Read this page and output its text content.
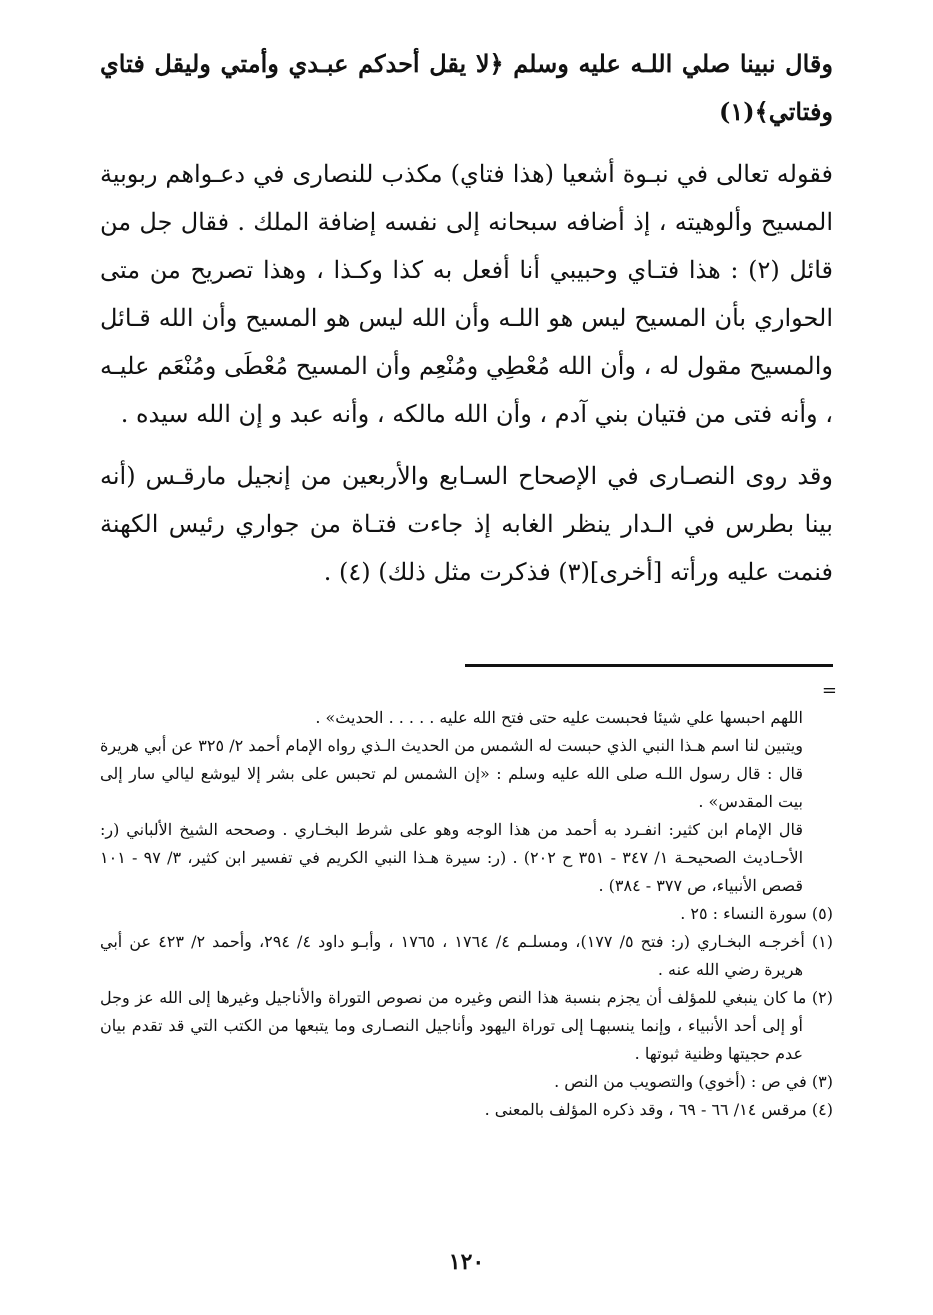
وقال نبينا صلي اللـه عليه وسلم ﴿لا يقل أحدكم عبـدي وأمتي وليقل فتاي وفتاتي﴾(١)

فقوله تعالى في نبـوة أشعيا (هذا فتاي) مكذب للنصارى في دعـواهم ربوبية المسيح وألوهيته ، إذ أضافه سبحانه إلى نفسه إضافة الملك . فقال جل من قائل (٢) : هذا فتـاي وحبيبي أنا أفعل به كذا وكـذا ، وهذا تصريح من متى الحواري بأن المسيح ليس هو اللـه وأن الله ليس هو المسيح وأن الله قـائل والمسيح مقول له ، وأن الله مُعْطِي ومُنْعِم وأن المسيح مُعْطَى ومُنْعَم عليـه ، وأنه فتى من فتيان بني آدم ، وأن الله مالكه ، وأنه عبد و إن الله سيده .

وقد روى النصـارى في الإصحاح السـابع والأربعين من إنجيل مارقـس (أنه بينا بطرس في الـدار ينظر الغابه إذ جاءت فتـاة من جواري رئيس الكهنة فنمت عليه ورأته [أخرى](٣) فذكرت مثل ذلك) (٤) .

=

اللهم احبسها علي شيئا فحبست عليه حتى فتح الله عليه . . . . . الحديث» .

ويتبين لنا اسم هـذا النبي الذي حبست له الشمس من الحديث الـذي رواه الإمام أحمد ٢/ ٣٢٥ عن أبي هريرة قال : قال رسول اللـه صلى الله عليه وسلم : «إن الشمس لم تحبس على بشر إلا ليوشع ليالي سار إلى بيت المقدس» .

قال الإمام ابن كثير: انفـرد به أحمد من هذا الوجه وهو على شرط البخـاري . وصححه الشيخ الألباني (ر: الأحـاديث الصحيحـة ١/ ٣٤٧ - ٣٥١ ح ٢٠٢) . (ر: سيرة هـذا النبي الكريم في تفسير ابن كثير، ٣/ ٩٧ - ١٠١ قصص الأنبياء، ص ٣٧٧ - ٣٨٤) .

(٥) سورة النساء : ٢٥ .

(١) أخرجـه البخـاري (ر: فتح ٥/ ١٧٧)، ومسلـم ٤/ ١٧٦٤ ، ١٧٦٥ ، وأبـو داود ٤/ ٢٩٤، وأحمد ٢/ ٤٢٣ عن أبي هريرة رضي الله عنه .

(٢) ما كان ينبغي للمؤلف أن يجزم بنسبة هذا النص وغيره من نصوص التوراة والأناجيل وغيرها إلى الله عز وجل أو إلى أحد الأنبياء ، وإنما ينسبهـا إلى توراة اليهود وأناجيل النصـارى وما يتبعها من الكتب التي قد تقدم بيان عدم حجيتها وظنية ثبوتها .

(٣) في ص : (أخوي) والتصويب من النص .

(٤) مرقس ١٤/ ٦٦ - ٦٩ ، وقد ذكره المؤلف بالمعنى .

١٢٠
